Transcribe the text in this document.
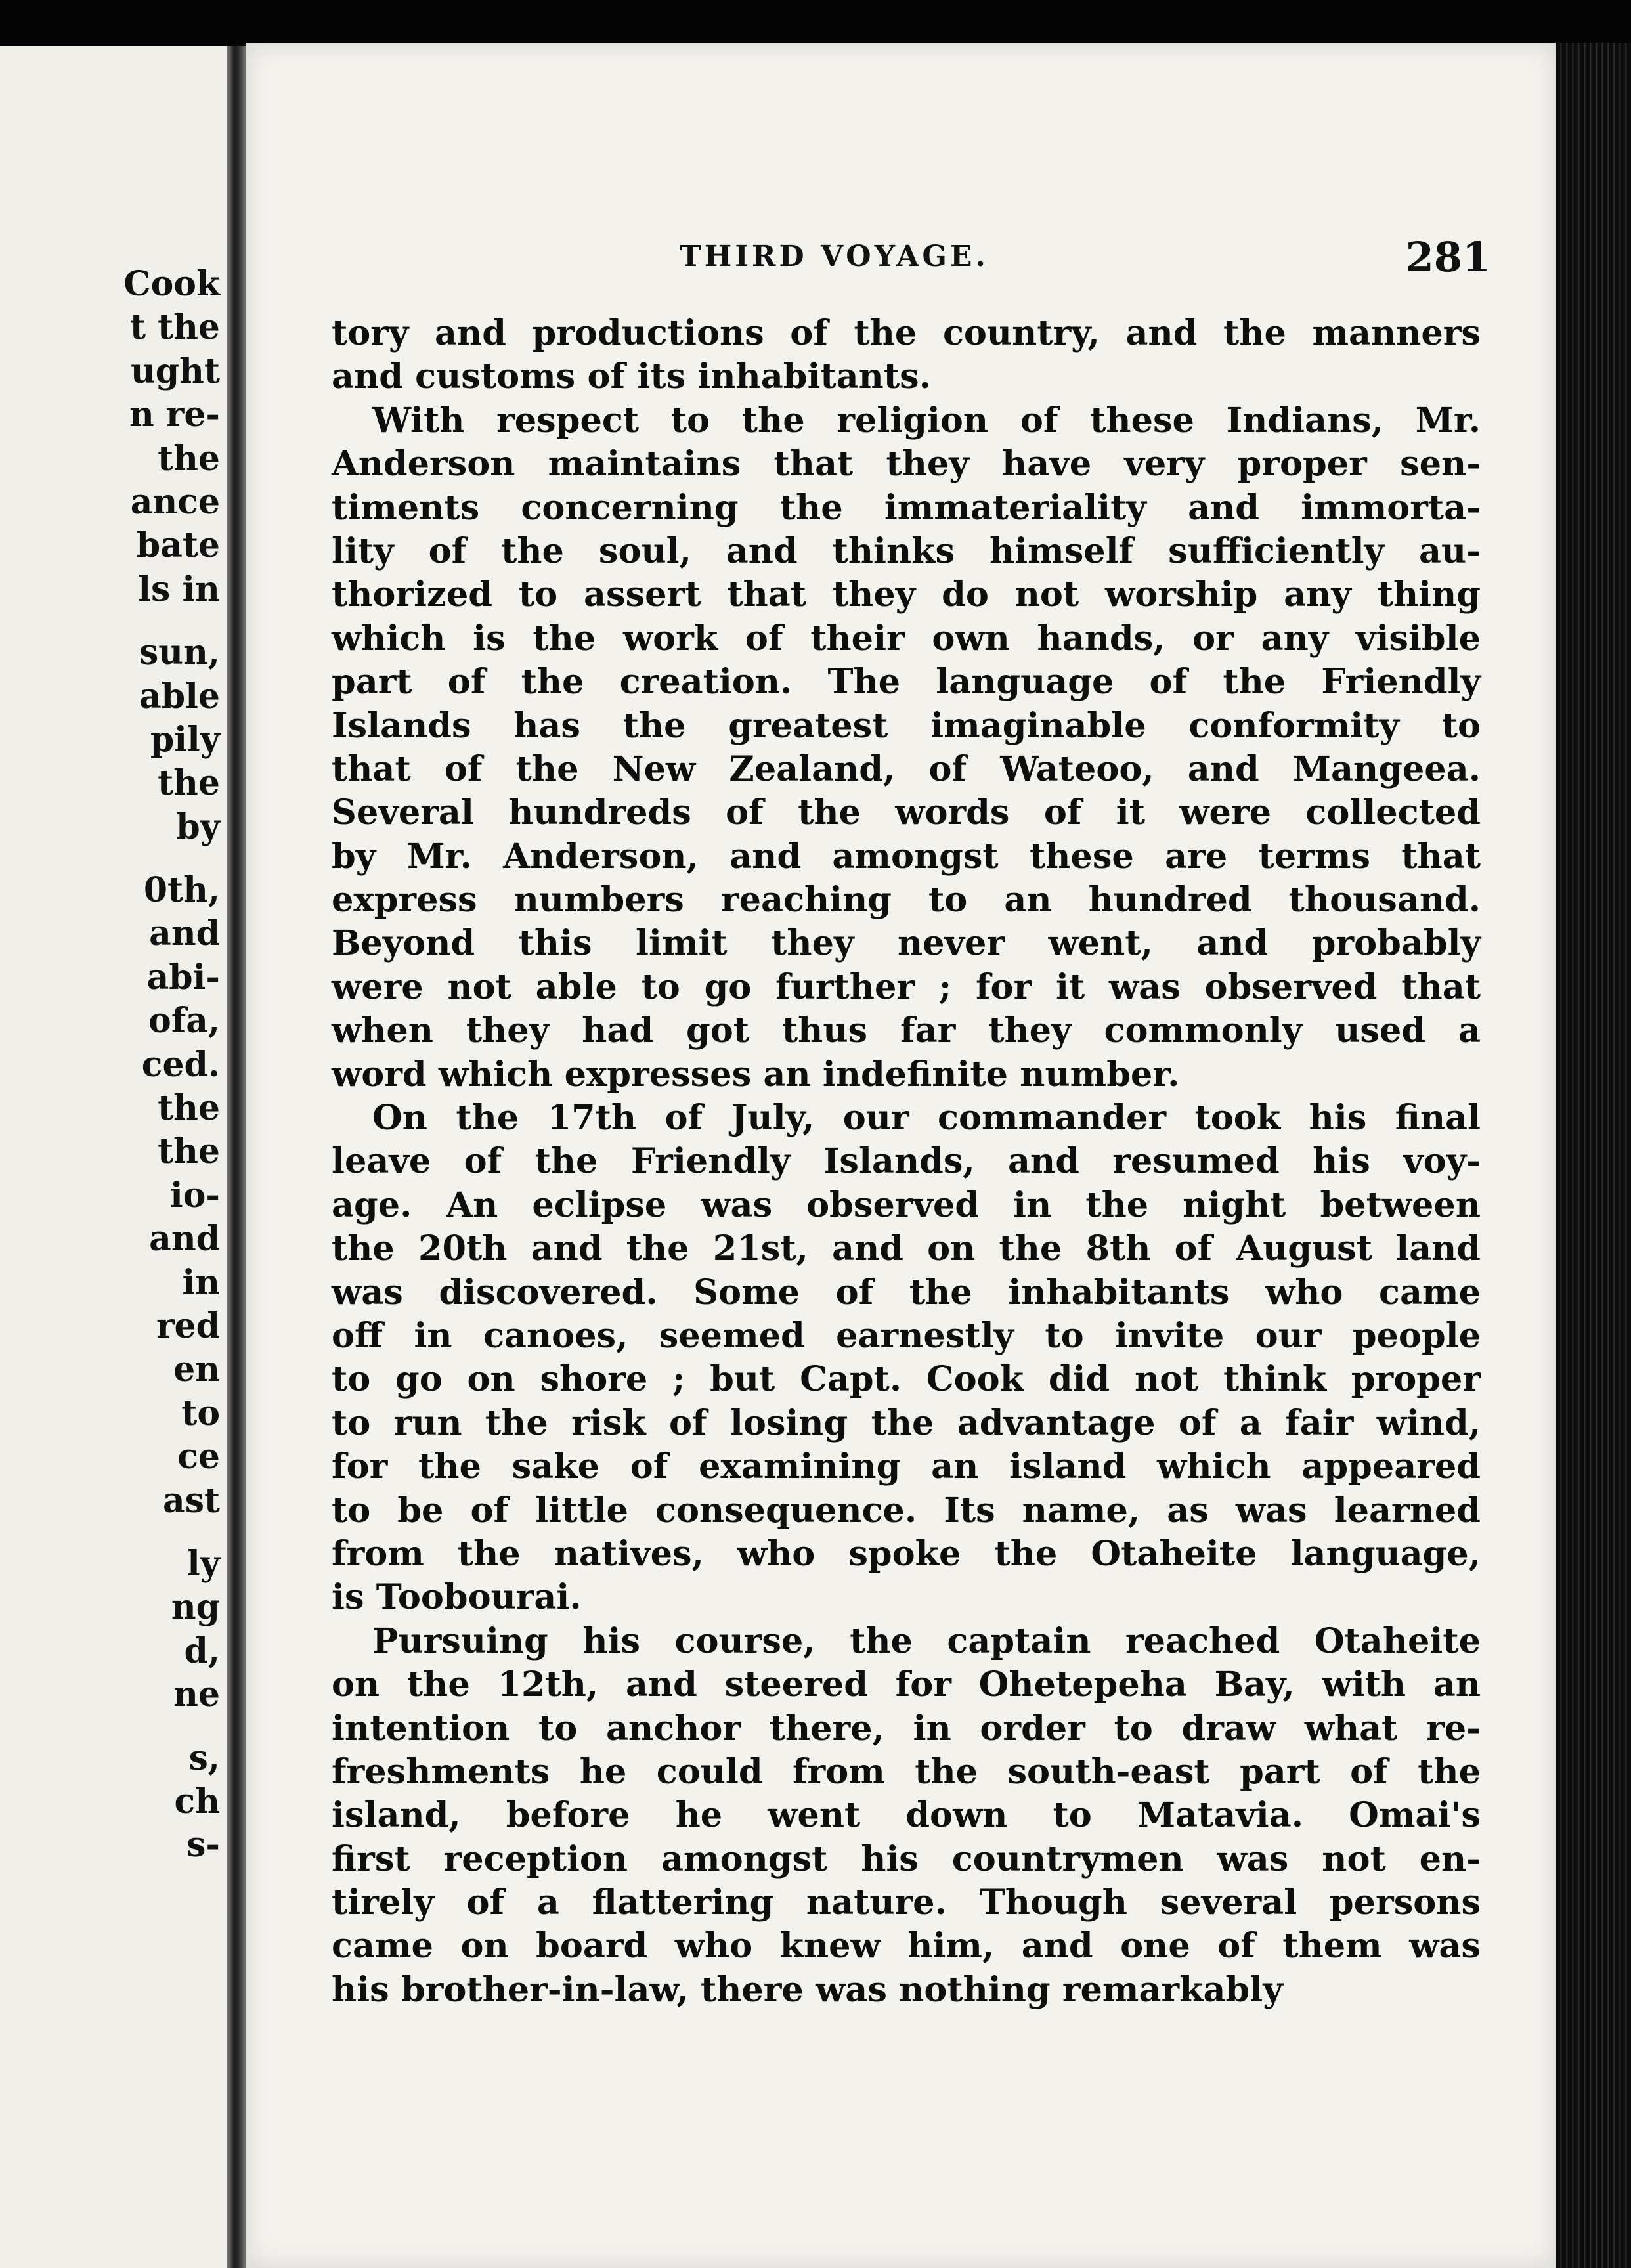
Cook
t the
ught
n re-
the
ance
bate
ls in
sun,
able
pily
the
by
0th,
and
abi-
ofa,
ced.
the
the
io-
and
in
red
en
to
ce
ast
ly
ng
d,
ne
s,
ch
s-
THIRD VOYAGE.	281
tory and productions of the country, and the manners
and customs of its inhabitants.
With respect to the religion of these Indians, Mr.
Anderson maintains that they have very proper sen-
timents concerning the immateriality and immorta-
lity of the soul, and thinks himself sufficiently au-
thorized to assert that they do not worship any thing
which is the work of their own hands, or any visible
part of the creation. The language of the Friendly
Islands has the greatest imaginable conformity to
that of the New Zealand, of Wateoo, and Mangeea.
Several hundreds of the words of it were collected
by Mr. Anderson, and amongst these are terms that
express numbers reaching to an hundred thousand.
Beyond this limit they never went, and probably
were not able to go further ; for it was observed that
when they had got thus far they commonly used a
word which expresses an indefinite number.
On the 17th of July, our commander took his final
leave of the Friendly Islands, and resumed his voy-
age. An eclipse was observed in the night between
the 20th and the 21st, and on the 8th of August land
was discovered. Some of the inhabitants who came
off in canoes, seemed earnestly to invite our people
to go on shore ; but Capt. Cook did not think proper
to run the risk of losing the advantage of a fair wind,
for the sake of examining an island which appeared
to be of little consequence. Its name, as was learned
from the natives, who spoke the Otaheite language,
is Toobourai.
Pursuing his course, the captain reached Otaheite
on the 12th, and steered for Ohetepeha Bay, with an
intention to anchor there, in order to draw what re-
freshments he could from the south-east part of the
island, before he went down to Matavia. Omai's
first reception amongst his countrymen was not en-
tirely of a flattering nature. Though several persons
came on board who knew him, and one of them was
his brother-in-law, there was nothing remarkably
